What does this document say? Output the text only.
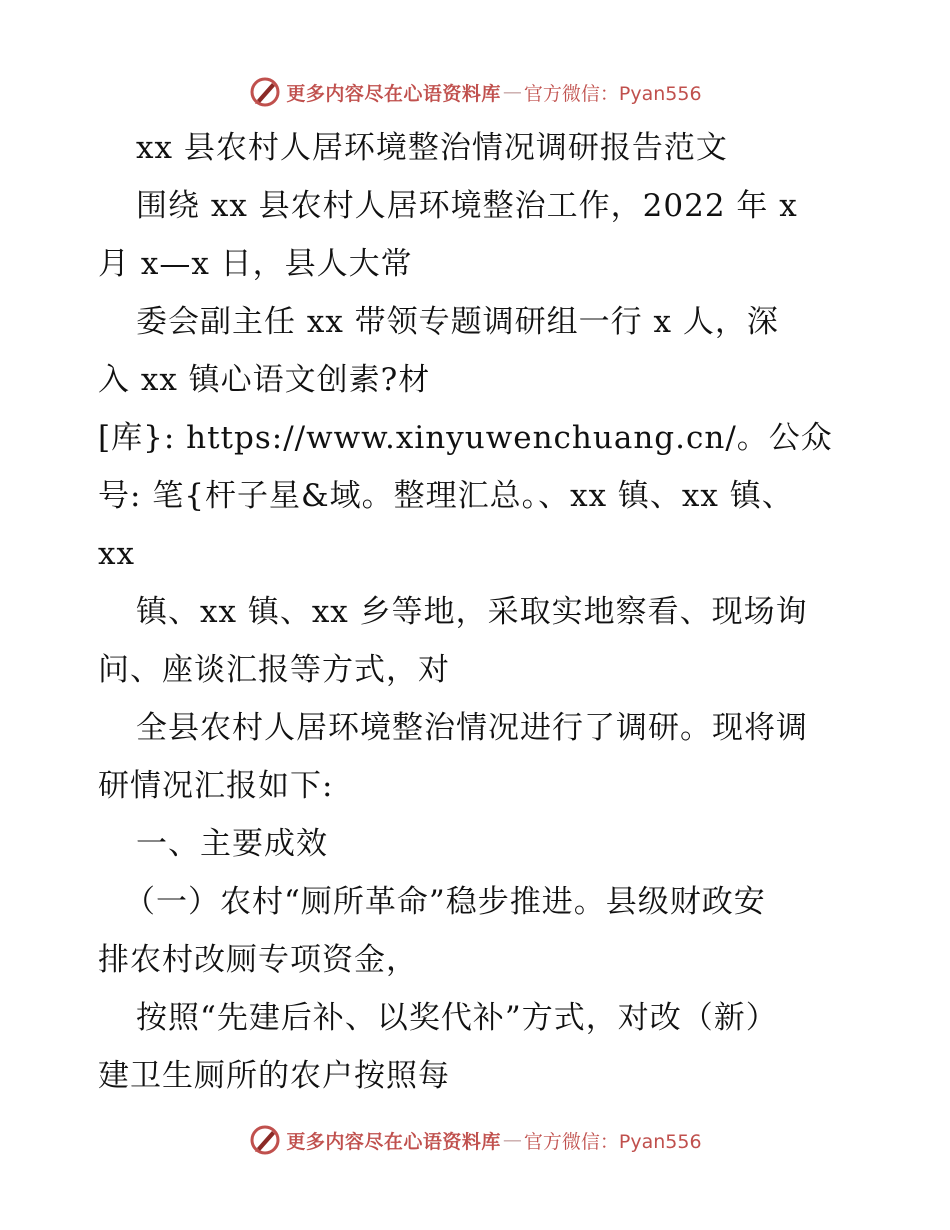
更多内容尽在心语资料库 — 官方微信：Pyan556
xx 县农村人居环境整治情况调研报告范文
围绕 xx 县农村人居环境整治工作，2022 年 x
月 x—x 日，县人大常
委会副主任 xx 带领专题调研组一行 x 人，深
入 xx 镇心语文创素?材
[库}: https://www.xinyuwenchuang.cn/。公众
号: 笔{杆子星&域。整理汇总。、xx 镇、xx 镇、
xx
镇、xx 镇、xx 乡等地，采取实地察看、现场询
问、座谈汇报等方式，对
全县农村人居环境整治情况进行了调研。现将调
研情况汇报如下:
一、主要成效
（一）农村“厕所革命”稳步推进。县级财政安
排农村改厕专项资金，
按照“先建后补、以奖代补”方式，对改（新）
建卫生厕所的农户按照每
更多内容尽在心语资料库 — 官方微信：Pyan556
